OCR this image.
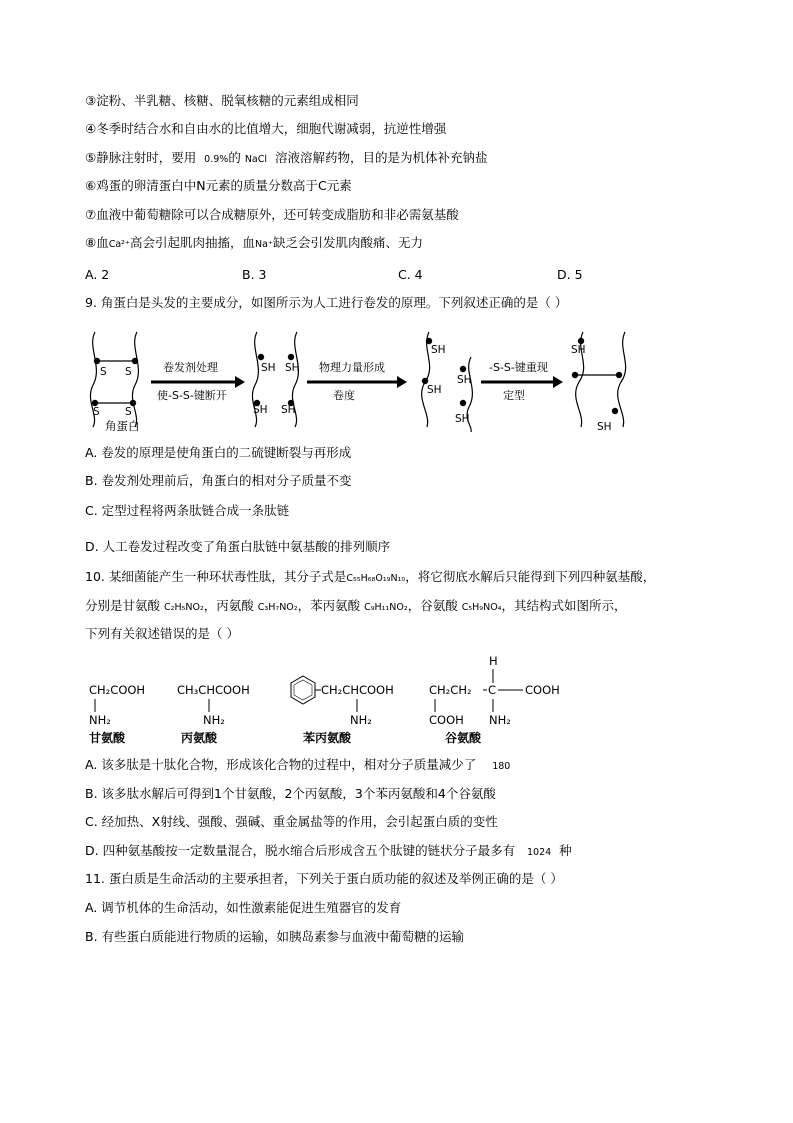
③淀粉、半乳糖、核糖、脱氧核糖的元素组成相同
④冬季时结合水和自由水的比值增大，细胞代谢减弱，抗逆性增强
⑤静脉注射时，要用 0.9%的 NaCl 溶液溶解药物，目的是为机体补充钠盐
⑥鸡蛋的卵清蛋白中N元素的质量分数高于C元素
⑦血液中葡萄糖除可以合成糖原外，还可转变成脂肪和非必需氨基酸
⑧血Ca²⁺高会引起肌肉抽搐，血Na⁺缺乏会引发肌肉酸痛、无力
A. 2	B. 3	C. 4	D. 5
9. 角蛋白是头发的主要成分，如图所示为人工进行卷发的原理。下列叙述正确的是（ ）
S S
S S
角蛋白
SH SH
SH SH
SH
SH
SH
SH
SH
SH
卷发剂处理
使-S-S-键断开
物理力量形成
卷度
-S-S-键重现
定型
A. 卷发的原理是使角蛋白的二硫键断裂与再形成
B. 卷发剂处理前后，角蛋白的相对分子质量不变
C. 定型过程将两条肽链合成一条肽链
D. 人工卷发过程改变了角蛋白肽链中氨基酸的排列顺序
10. 某细菌能产生一种环状毒性肽，其分子式是C₅₅H₆₈O₁₉N₁₀，将它彻底水解后只能得到下列四种氨基酸，
分别是甘氨酸 C₂H₅NO₂，丙氨酸 C₃H₇NO₂，苯丙氨酸 C₉H₁₁NO₂，谷氨酸 C₅H₉NO₄，其结构式如图所示，
下列有关叙述错误的是（ ）
CH₂COOH
NH₂
CH₃CHCOOH
NH₂
CH₂CHCOOH
NH₂
H
CH₂CH₂ C	COOH
COOH NH₂
甘氨酸	丙氨酸	苯丙氨酸	谷氨酸
A. 该多肽是十肽化合物，形成该化合物的过程中，相对分子质量减少了 180
B. 该多肽水解后可得到1个甘氨酸，2个丙氨酸，3个苯丙氨酸和4个谷氨酸
C. 经加热、X射线、强酸、强碱、重金属盐等的作用，会引起蛋白质的变性
D. 四种氨基酸按一定数量混合，脱水缩合后形成含五个肽键的链状分子最多有 1024 种
11. 蛋白质是生命活动的主要承担者，下列关于蛋白质功能的叙述及举例正确的是（ ）
A. 调节机体的生命活动，如性激素能促进生殖器官的发育
B. 有些蛋白质能进行物质的运输，如胰岛素参与血液中葡萄糖的运输
